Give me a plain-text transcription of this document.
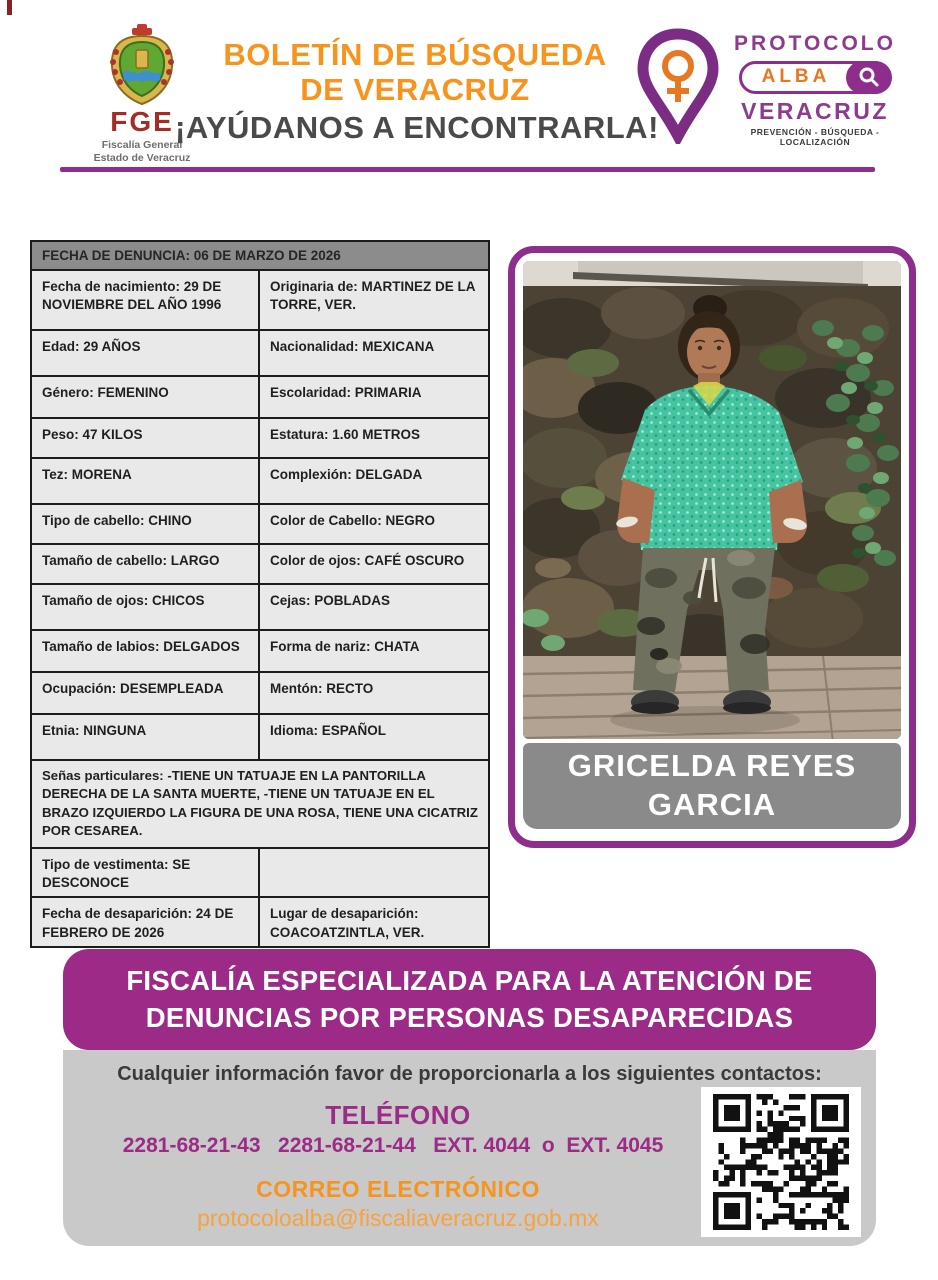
FGE
Fiscalía General
Estado de Veracruz
BOLETÍN DE BÚSQUEDA
DE VERACRUZ
¡AYÚDANOS A ENCONTRARLA!
PROTOCOLO
ALBA
VERACRUZ
PREVENCIÓN - BÚSQUEDA - LOCALIZACIÓN
FECHA DE DENUNCIA: 06 DE MARZO DE 2026
Fecha de nacimiento: 29 DE NOVIEMBRE DEL AÑO 1996
Originaria de: MARTINEZ DE LA TORRE, VER.
Edad: 29 AÑOS	Nacionalidad: MEXICANA
Género: FEMENINO	Escolaridad: PRIMARIA
Peso: 47 KILOS	Estatura: 1.60 METROS
Tez: MORENA	Complexión: DELGADA
Tipo de cabello: CHINO	Color de Cabello: NEGRO
Tamaño de cabello: LARGO	Color de ojos: CAFÉ OSCURO
Tamaño de ojos: CHICOS	Cejas: POBLADAS
Tamaño de labios: DELGADOS	Forma de nariz: CHATA
Ocupación: DESEMPLEADA	Mentón: RECTO
Etnia: NINGUNA	Idioma: ESPAÑOL
Señas particulares: -TIENE UN TATUAJE EN LA PANTORILLA DERECHA DE LA SANTA MUERTE, -TIENE UN TATUAJE EN EL BRAZO IZQUIERDO LA FIGURA DE UNA ROSA, TIENE UNA CICATRIZ POR CESAREA.
Tipo de vestimenta: SE DESCONOCE
Fecha de desaparición: 24 DE FEBRERO DE 2026
Lugar de desaparición: COACOATZINTLA, VER.
GRICELDA REYES GARCIA
FISCALÍA ESPECIALIZADA PARA LA ATENCIÓN DE
DENUNCIAS POR PERSONAS DESAPARECIDAS
Cualquier información favor de proporcionarla a los siguientes contactos:
TELÉFONO
2281-68-21-43   2281-68-21-44   EXT. 4044  o  EXT. 4045
CORREO ELECTRÓNICO
protocoloalba@fiscaliaveracruz.gob.mx
